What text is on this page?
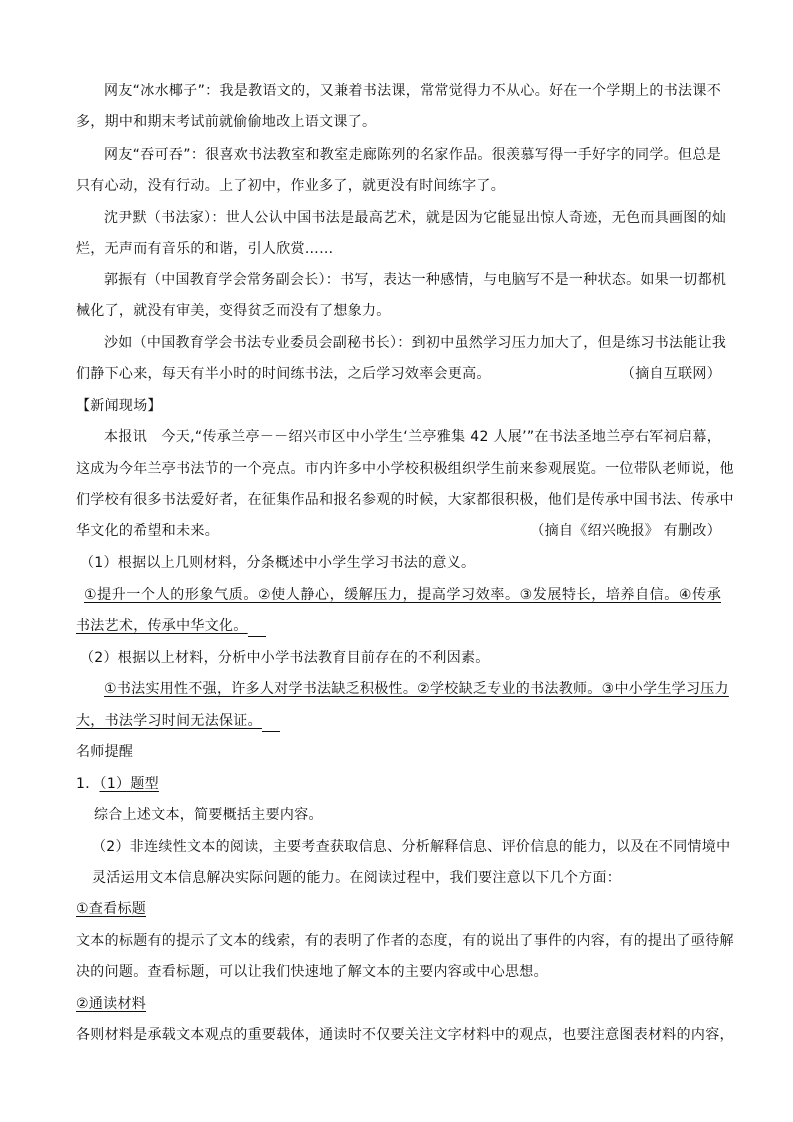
网友“冰水椰子”：我是教语文的，又兼着书法课，常常觉得力不从心。好在一个学期上的书法课不
多，期中和期末考试前就偷偷地改上语文课了。
网友“吞可吞”：很喜欢书法教室和教室走廊陈列的名家作品。很羡慕写得一手好字的同学。但总是
只有心动，没有行动。上了初中，作业多了，就更没有时间练字了。
沈尹默（书法家）：世人公认中国书法是最高艺术，就是因为它能显出惊人奇迹，无色而具画图的灿
烂，无声而有音乐的和谐，引人欣赏……
郭振有（中国教育学会常务副会长）：书写，表达一种感情，与电脑写不是一种状态。如果一切都机
械化了，就没有审美，变得贫乏而没有了想象力。
沙如（中国教育学会书法专业委员会副秘书长）：到初中虽然学习压力加大了，但是练习书法能让我
们静下心来，每天有半小时的时间练书法，之后学习效率会更高。	（摘自互联网）
【新闻现场】
本报讯　今天,“传承兰亭－－绍兴市区中小学生‘兰亭雅集 42 人展’”在书法圣地兰亭右军祠启幕，
这成为今年兰亭书法节的一个亮点。市内许多中小学校积极组织学生前来参观展览。一位带队老师说，他
们学校有很多书法爱好者，在征集作品和报名参观的时候，大家都很积极，他们是传承中国书法、传承中
华文化的希望和未来。	（摘自《绍兴晚报》 有删改）
（1）根据以上几则材料，分条概述中小学生学习书法的意义。
①提升一个人的形象气质。②使人静心，缓解压力，提高学习效率。③发展特长，培养自信。④传承
书法艺术，传承中华文化。
（2）根据以上材料，分析中小学书法教育目前存在的不利因素。
①书法实用性不强，许多人对学书法缺乏积极性。②学校缺乏专业的书法教师。③中小学生学习压力
大，书法学习时间无法保证。
名师提醒
1．（1）题型
综合上述文本，简要概括主要内容。
（2）非连续性文本的阅读，主要考查获取信息、分析解释信息、评价信息的能力，以及在不同情境中
灵活运用文本信息解决实际问题的能力。在阅读过程中，我们要注意以下几个方面：
①查看标题
文本的标题有的提示了文本的线索，有的表明了作者的态度，有的说出了事件的内容，有的提出了亟待解
决的问题。查看标题，可以让我们快速地了解文本的主要内容或中心思想。
②通读材料
各则材料是承载文本观点的重要载体，通读时不仅要关注文字材料中的观点，也要注意图表材料的内容，
